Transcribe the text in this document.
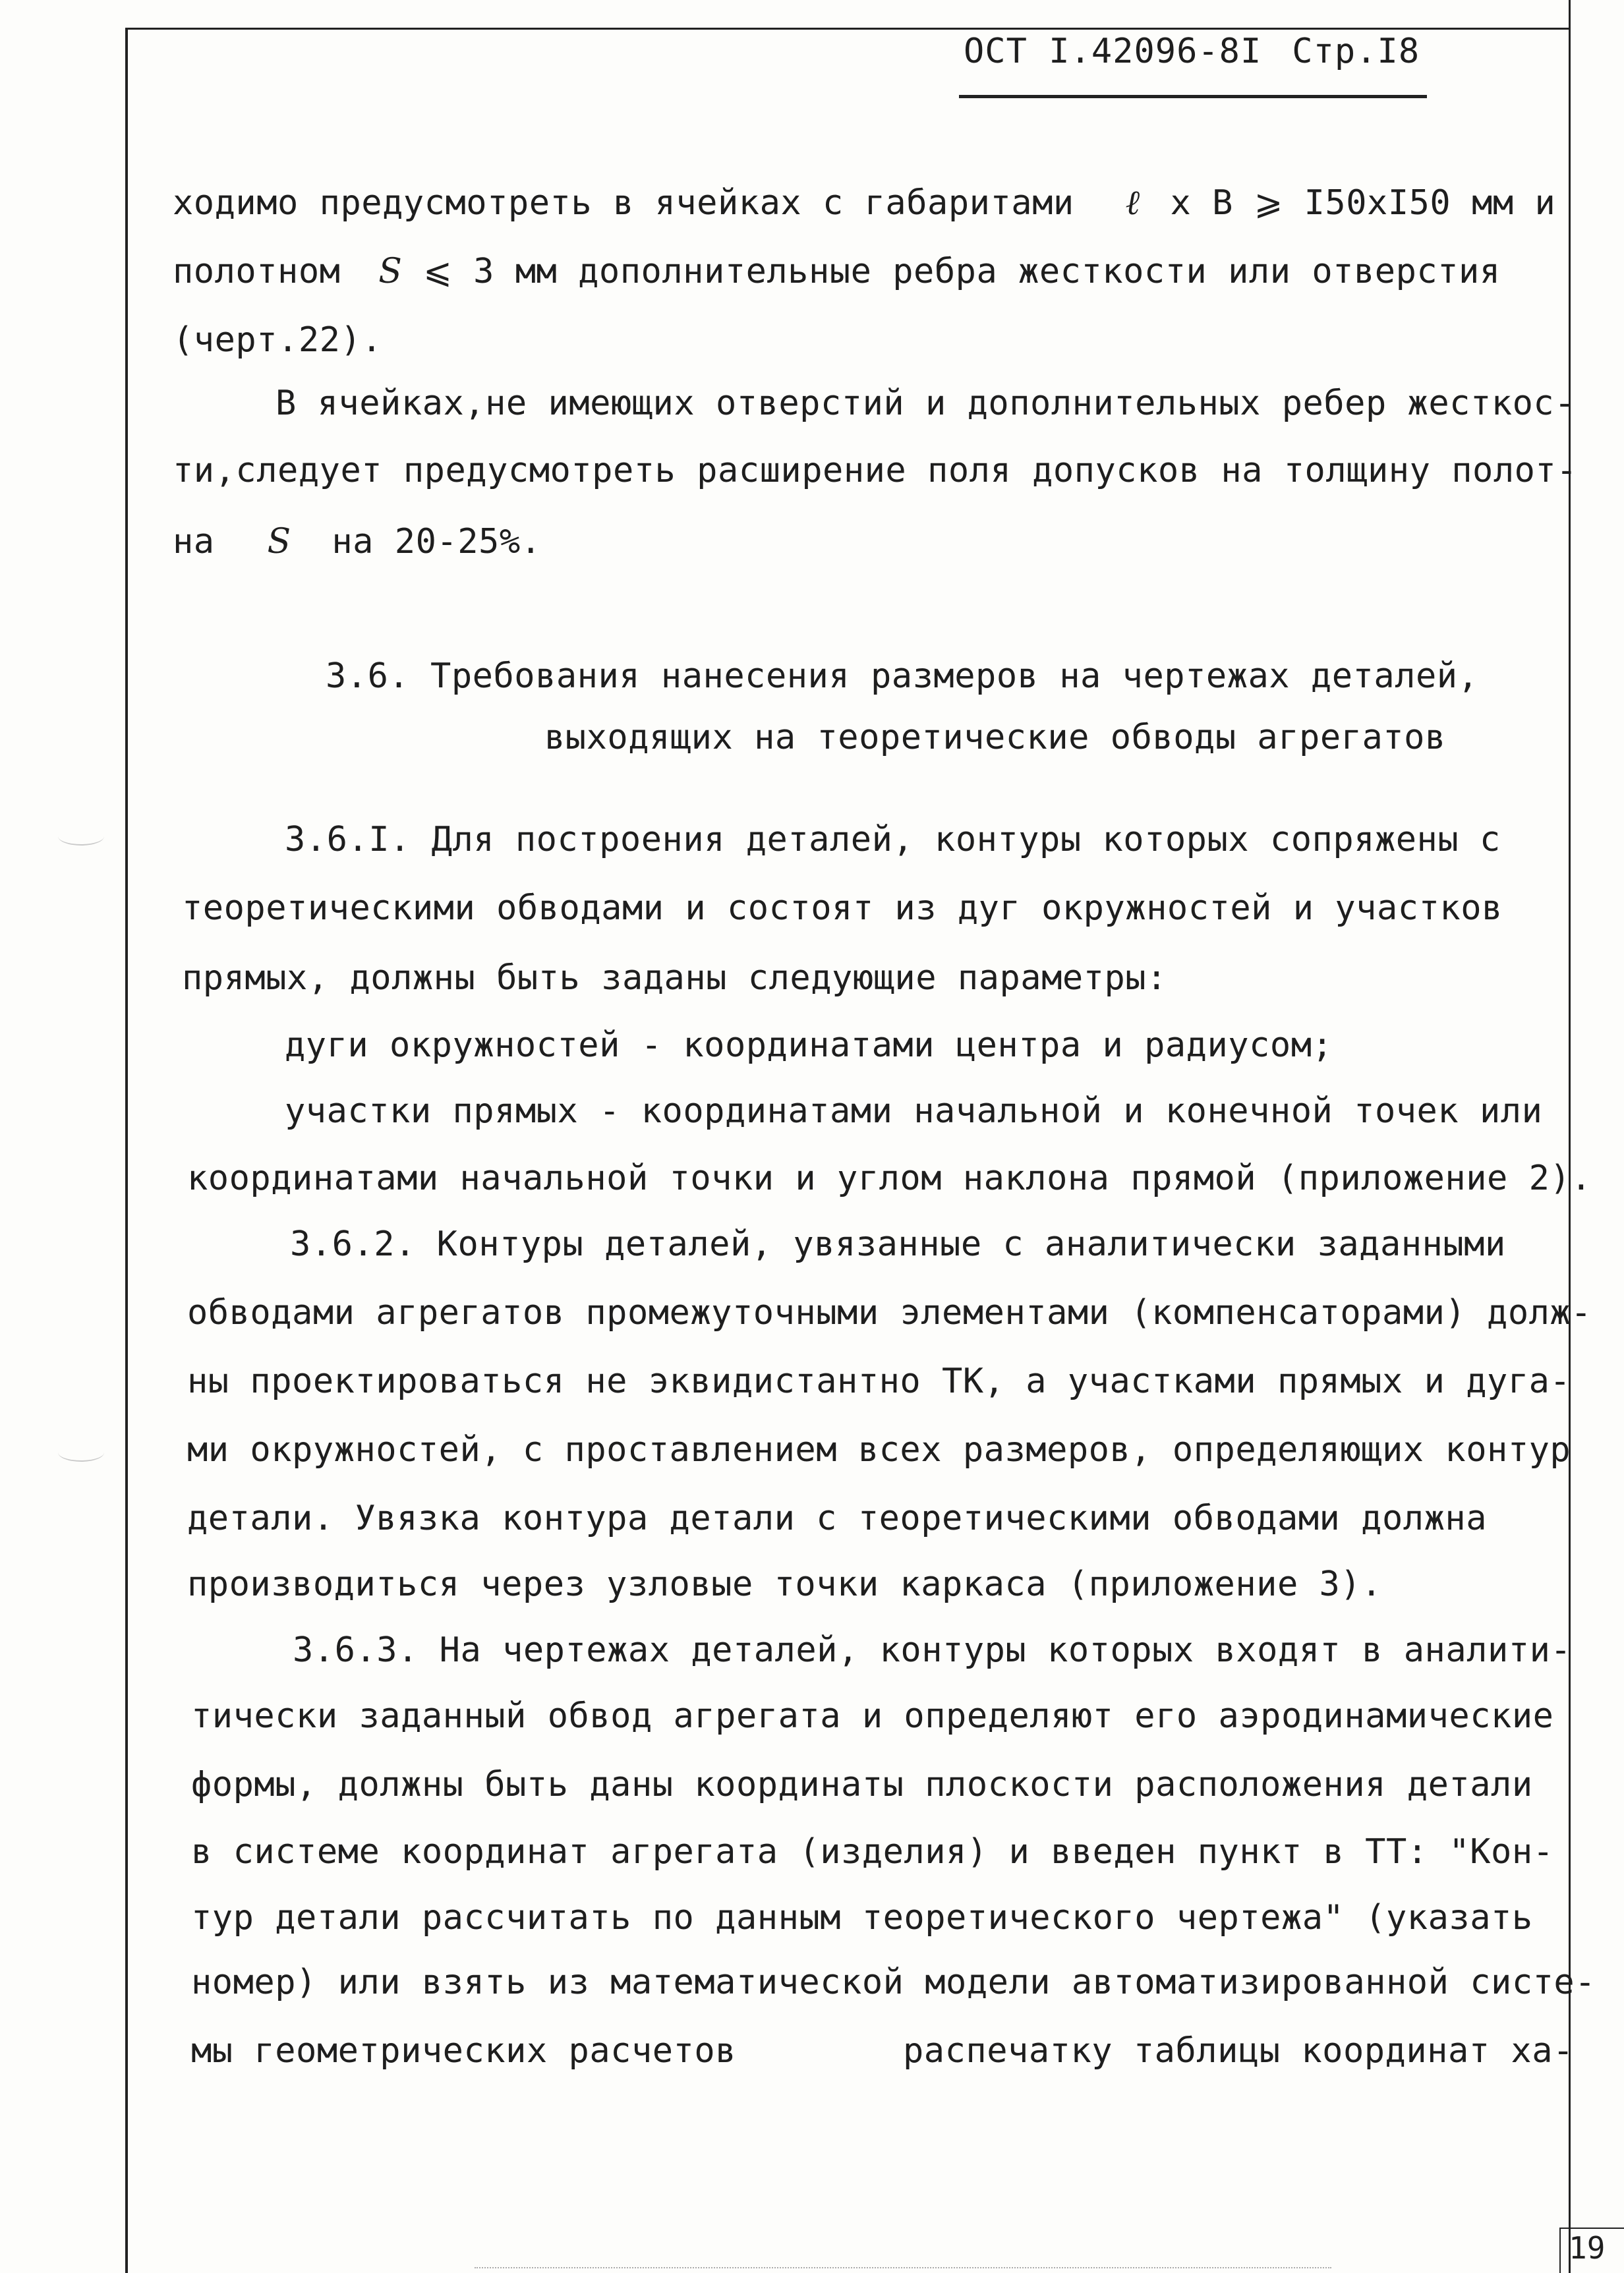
ОСТ I.42096-8I Стр.I8
ходимо предусмотреть в ячейках с габаритами ℓ x В ⩾ I50xI50 мм и
полотном S ⩽ 3 мм дополнительные ребра жесткости или отверстия
(черт.22).
В ячейках,не имеющих отверстий и дополнительных ребер жесткос-
ти,следует предусмотреть расширение поля допусков на толщину полот-
на S на 20-25%.
3.6. Требования нанесения размеров на чертежах деталей,
выходящих на теоретические обводы агрегатов
3.6.I. Для построения деталей, контуры которых сопряжены с
теоретическими обводами и состоят из дуг окружностей и участков
прямых, должны быть заданы следующие параметры:
дуги окружностей - координатами центра и радиусом;
участки прямых - координатами начальной и конечной точек или
координатами начальной точки и углом наклона прямой (приложение 2).
3.6.2. Контуры деталей, увязанные с аналитически заданными
обводами агрегатов промежуточными элементами (компенсаторами) долж-
ны проектироваться не эквидистантно ТК, а участками прямых и дуга-
ми окружностей, с проставлением всех размеров, определяющих контур
детали. Увязка контура детали с теоретическими обводами должна
производиться через узловые точки каркаса (приложение 3).
3.6.3. На чертежах деталей, контуры которых входят в аналити-
тически заданный обвод агрегата и определяют его аэродинамические
формы, должны быть даны координаты плоскости расположения детали
в системе координат агрегата (изделия) и введен пункт в ТТ: "Кон-
тур детали рассчитать по данным теоретического чертежа" (указать
номер) или взять из математической модели автоматизированной систе-
мы геометрических расчетов	распечатку таблицы координат ха-
19
